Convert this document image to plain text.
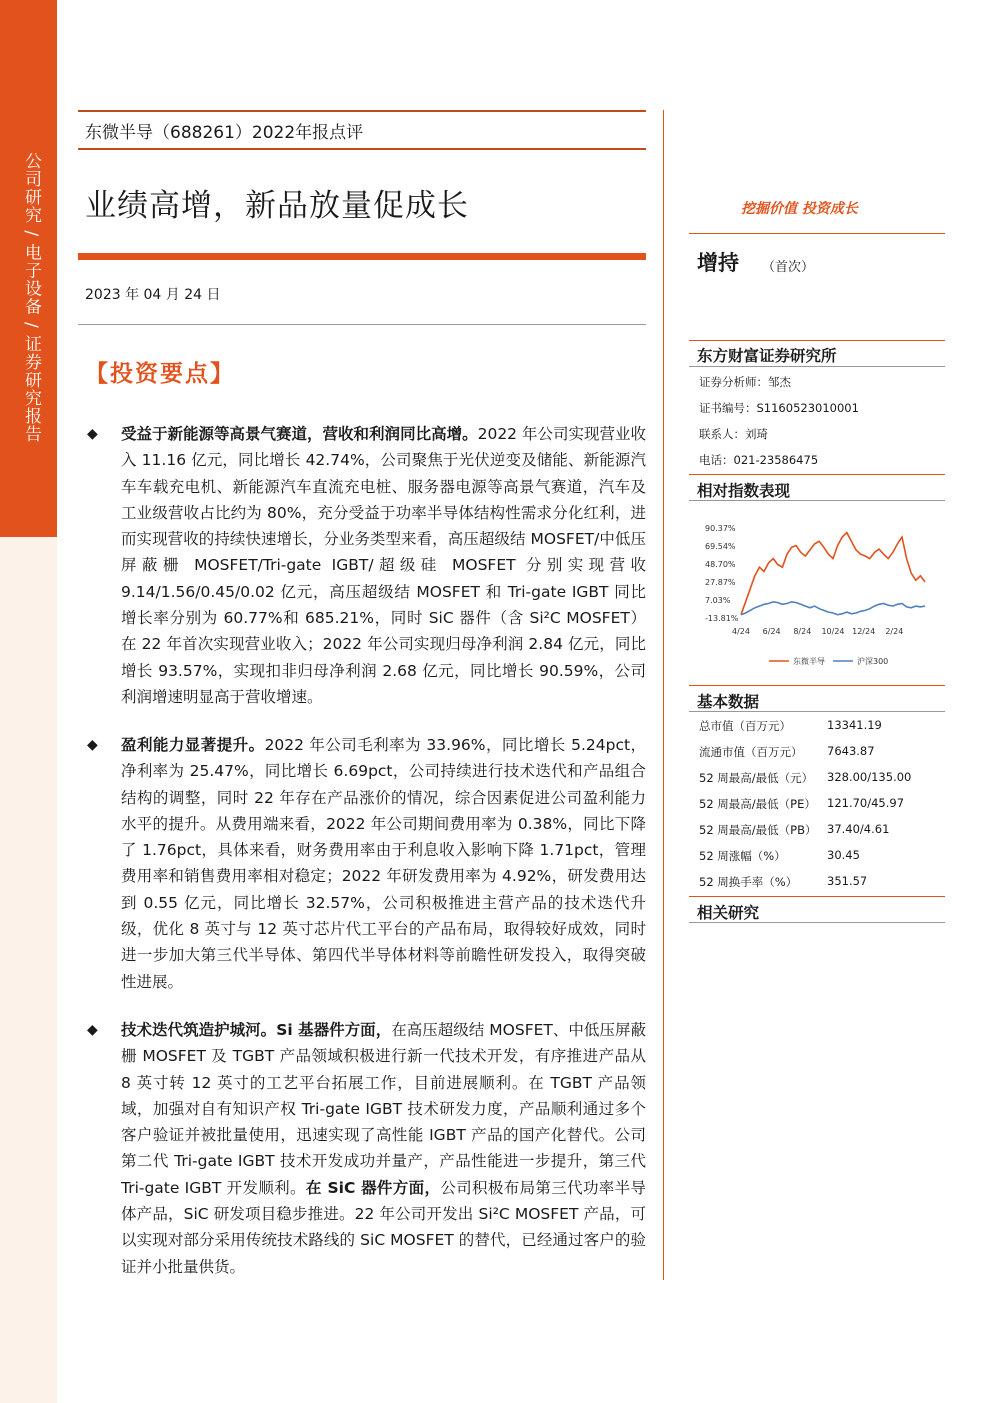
公司研究 / 电子设备 / 证券研究报告
东微半导（688261）2022年报点评
业绩高增，新品放量促成长
2023 年 04 月 24 日
【投资要点】
◆ 受益于新能源等高景气赛道，营收和利润同比高增。2022 年公司实现营业收入 11.16 亿元，同比增长 42.74%，公司聚焦于光伏逆变及储能、新能源汽车车载充电机、新能源汽车直流充电桩、服务器电源等高景气赛道，汽车及工业级营收占比约为 80%，充分受益于功率半导体结构性需求分化红利，进而实现营收的持续快速增长，分业务类型来看，高压超级结 MOSFET/中低压屏蔽栅 MOSFET/Tri-gate IGBT/超级硅 MOSFET 分别实现营收 9.14/1.56/0.45/0.02 亿元，高压超级结 MOSFET 和 Tri-gate IGBT 同比增长率分别为 60.77%和 685.21%，同时 SiC 器件（含 Si²C MOSFET）在 22 年首次实现营业收入；2022 年公司实现归母净利润 2.84 亿元，同比增长 93.57%，实现扣非归母净利润 2.68 亿元，同比增长 90.59%，公司利润增速明显高于营收增速。
◆ 盈利能力显著提升。2022 年公司毛利率为 33.96%，同比增长 5.24pct，净利率为 25.47%，同比增长 6.69pct，公司持续进行技术迭代和产品组合结构的调整，同时 22 年存在产品涨价的情况，综合因素促进公司盈利能力水平的提升。从费用端来看，2022 年公司期间费用率为 0.38%，同比下降了 1.76pct，具体来看，财务费用率由于利息收入影响下降 1.71pct，管理费用率和销售费用率相对稳定；2022 年研发费用率为 4.92%，研发费用达到 0.55 亿元，同比增长 32.57%，公司积极推进主营产品的技术迭代升级，优化 8 英寸与 12 英寸芯片代工平台的产品布局，取得较好成效，同时进一步加大第三代半导体、第四代半导体材料等前瞻性研发投入，取得突破性进展。
◆ 技术迭代筑造护城河。Si 基器件方面，在高压超级结 MOSFET、中低压屏蔽栅 MOSFET 及 TGBT 产品领域积极进行新一代技术开发，有序推进产品从 8 英寸转 12 英寸的工艺平台拓展工作，目前进展顺利。在 TGBT 产品领域，加强对自有知识产权 Tri-gate IGBT 技术研发力度，产品顺利通过多个客户验证并被批量使用，迅速实现了高性能 IGBT 产品的国产化替代。公司第二代 Tri-gate IGBT 技术开发成功并量产，产品性能进一步提升，第三代 Tri-gate IGBT 开发顺利。在 SiC 器件方面，公司积极布局第三代功率半导体产品，SiC 研发项目稳步推进。22 年公司开发出 Si²C MOSFET 产品，可以实现对部分采用传统技术路线的 SiC MOSFET 的替代，已经通过客户的验证并小批量供货。
挖掘价值 投资成长
增持 （首次）
东方财富证券研究所
证券分析师：邹杰
证书编号：S1160523010001
联系人：刘琦
电话：021-23586475
相对指数表现
90.37%
69.54%
48.70%
27.87%
7.03%
-13.81%
4/24 6/24 8/24 10/24 12/24 2/24
东微半导	沪深300
基本数据
总市值（百万元）	13341.19
流通市值（百万元） 7643.87
52 周最高/最低（元） 328.00/135.00
52 周最高/最低（PE） 121.70/45.97
52 周最高/最低（PB） 37.40/4.61
52 周涨幅（%）	30.45
52 周换手率（%）	351.57
相关研究
